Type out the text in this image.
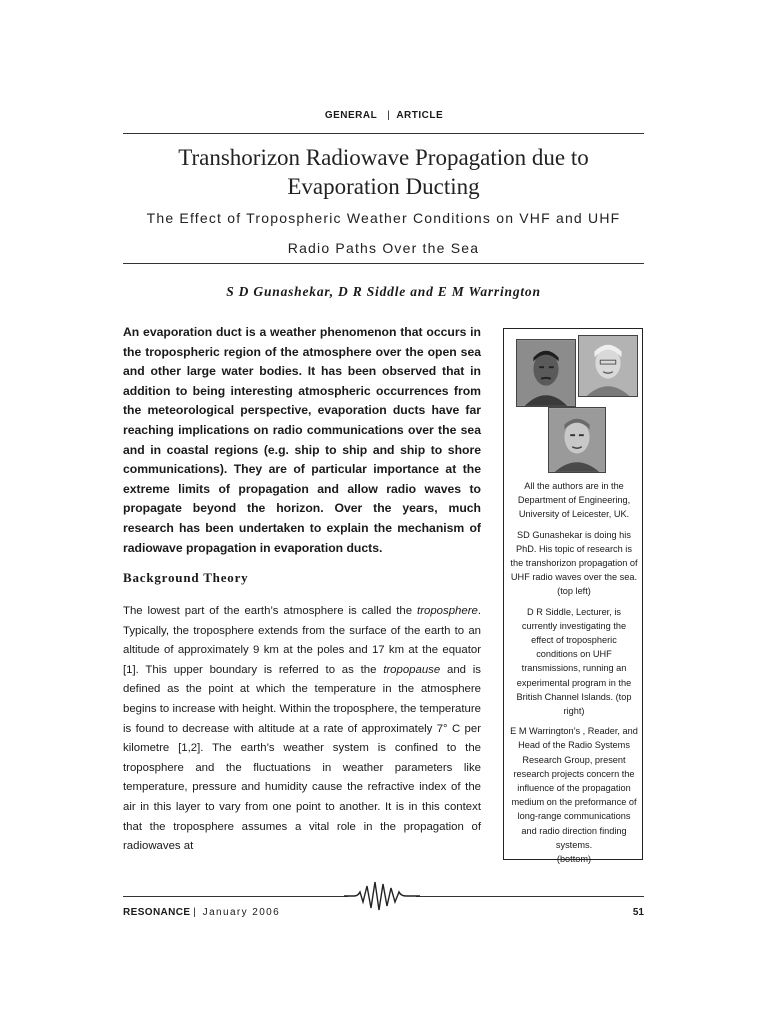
GENERAL | ARTICLE
Transhorizon Radiowave Propagation due to Evaporation Ducting
The Effect of Tropospheric Weather Conditions on VHF and UHF Radio Paths Over the Sea
S D Gunashekar, D R Siddle and E M Warrington
An evaporation duct is a weather phenomenon that occurs in the tropospheric region of the atmosphere over the open sea and other large water bodies. It has been observed that in addition to being interesting atmospheric occurrences from the meteorological perspective, evaporation ducts have far reaching implications on radio communications over the sea and in coastal regions (e.g. ship to ship and ship to shore communications). They are of particular importance at the extreme limits of propagation and allow radio waves to propagate beyond the horizon. Over the years, much research has been undertaken to explain the mechanism of radiowave propagation in evaporation ducts.
Background Theory
The lowest part of the earth’s atmosphere is called the troposphere. Typically, the troposphere extends from the surface of the earth to an altitude of approximately 9 km at the poles and 17 km at the equator [1]. This upper boundary is referred to as the tropopause and is defined as the point at which the temperature in the atmosphere begins to increase with height. Within the troposphere, the temperature is found to decrease with altitude at a rate of approximately 7° C per kilometre [1,2]. The earth’s weather system is confined to the troposphere and the fluctuations in weather parameters like temperature, pressure and humidity cause the refractive index of the air in this layer to vary from one point to another. It is in this context that the troposphere assumes a vital role in the propagation of radiowaves at

All the authors are in the Department of Engineering, University of Leicester, UK.

SD Gunashekar is doing his PhD. His topic of research is the transhorizon propagation of UHF radio waves over the sea. (top left)

D R Siddle, Lecturer, is currently investigating the effect of tropospheric conditions on UHF transmissions, running an experimental program in the British Channel Islands. (top right)

E M Warrington’s , Reader, and Head of the Radio Systems Research Group, present research projects concern the influence of the propagation medium on the preformance of long-range communications and radio direction finding systems.
(bottom)

RESONANCE | January 2006	51
